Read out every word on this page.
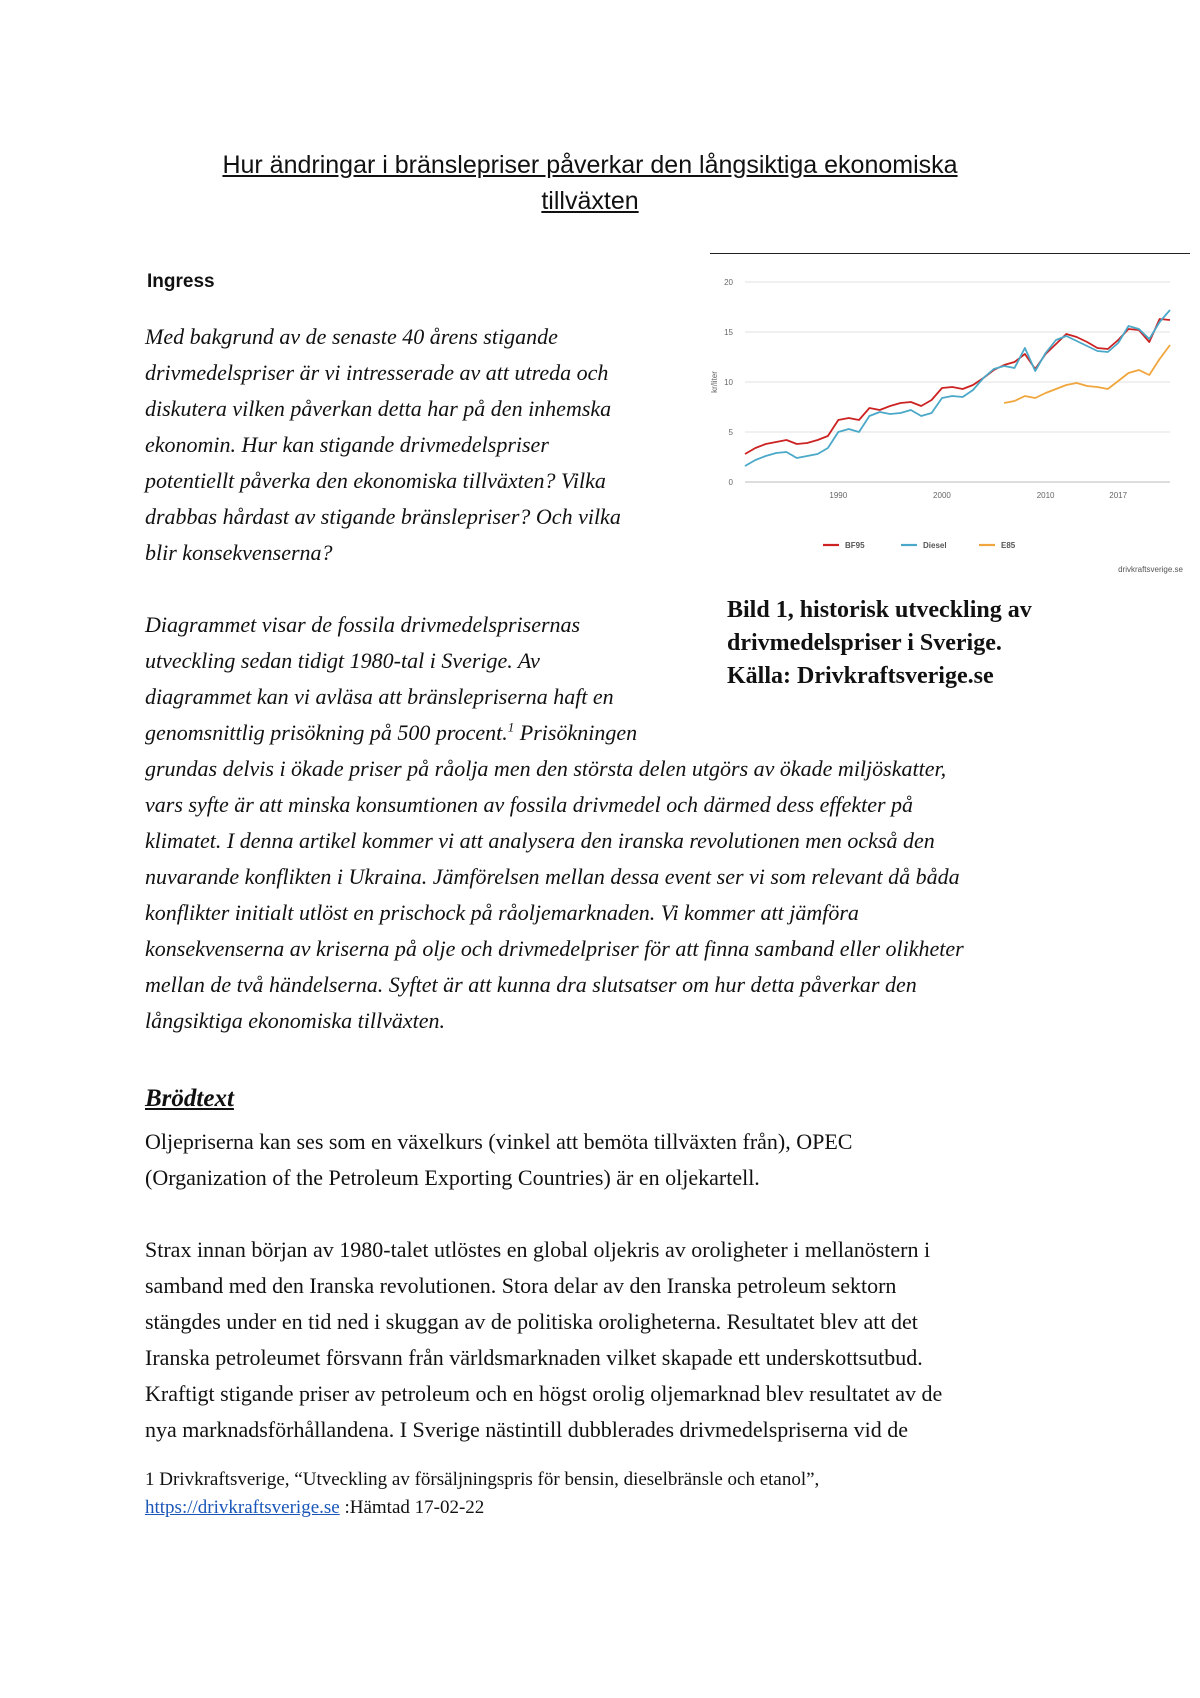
Hur ändringar i bränslepriser påverkar den långsiktiga ekonomiska
tillväxten
Ingress
Med bakgrund av de senaste 40 årens stigande
drivmedelspriser är vi intresserade av att utreda och
diskutera vilken påverkan detta har på den inhemska
ekonomin. Hur kan stigande drivmedelspriser
potentiellt påverka den ekonomiska tillväxten? Vilka
drabbas hårdast av stigande bränslepriser? Och vilka
blir konsekvenserna?
Diagrammet visar de fossila drivmedelsprisernas
utveckling sedan tidigt 1980-tal i Sverige. Av
diagrammet kan vi avläsa att bränslepriserna haft en
genomsnittlig prisökning på 500 procent.$^1$ Prisökningen
grundas delvis i ökade priser på råolja men den största delen utgörs av ökade miljöskatter,
vars syfte är att minska konsumtionen av fossila drivmedel och därmed dess effekter på
klimatet. I denna artikel kommer vi att analysera den iranska revolutionen men också den
nuvarande konflikten i Ukraina. Jämförelsen mellan dessa event ser vi som relevant då båda
konflikter initialt utlöst en prischock på råoljemarknaden. Vi kommer att jämföra
konsekvenserna av kriserna på olje och drivmedelpriser för att finna samband eller olikheter
mellan de två händelserna. Syftet är att kunna dra slutsatser om hur detta påverkar den
långsiktiga ekonomiska tillväxten.
kr/liter
0
5
10
15
20
1990	2000	2010	2017
BF95	Diesel	E85
drivkraftsverige.se
Bild 1, historisk utveckling av
drivmedelspriser i Sverige.
Källa: Drivkraftsverige.se
Brödtext
Oljepriserna kan ses som en växelkurs (vinkel att bemöta tillväxten från), OPEC
(Organization of the Petroleum Exporting Countries) är en oljekartell.
Strax innan början av 1980-talet utlöstes en global oljekris av oroligheter i mellanöstern i
samband med den Iranska revolutionen. Stora delar av den Iranska petroleum sektorn
stängdes under en tid ned i skuggan av de politiska oroligheterna. Resultatet blev att det
Iranska petroleumet försvann från världsmarknaden vilket skapade ett underskottsutbud.
Kraftigt stigande priser av petroleum och en högst orolig oljemarknad blev resultatet av de
nya marknadsförhållandena. I Sverige nästintill dubblerades drivmedelspriserna vid de
1 Drivkraftsverige, “Utveckling av försäljningspris för bensin, dieselbränsle och etanol”,
https://drivkraftsverige.se :Hämtad 17-02-22
